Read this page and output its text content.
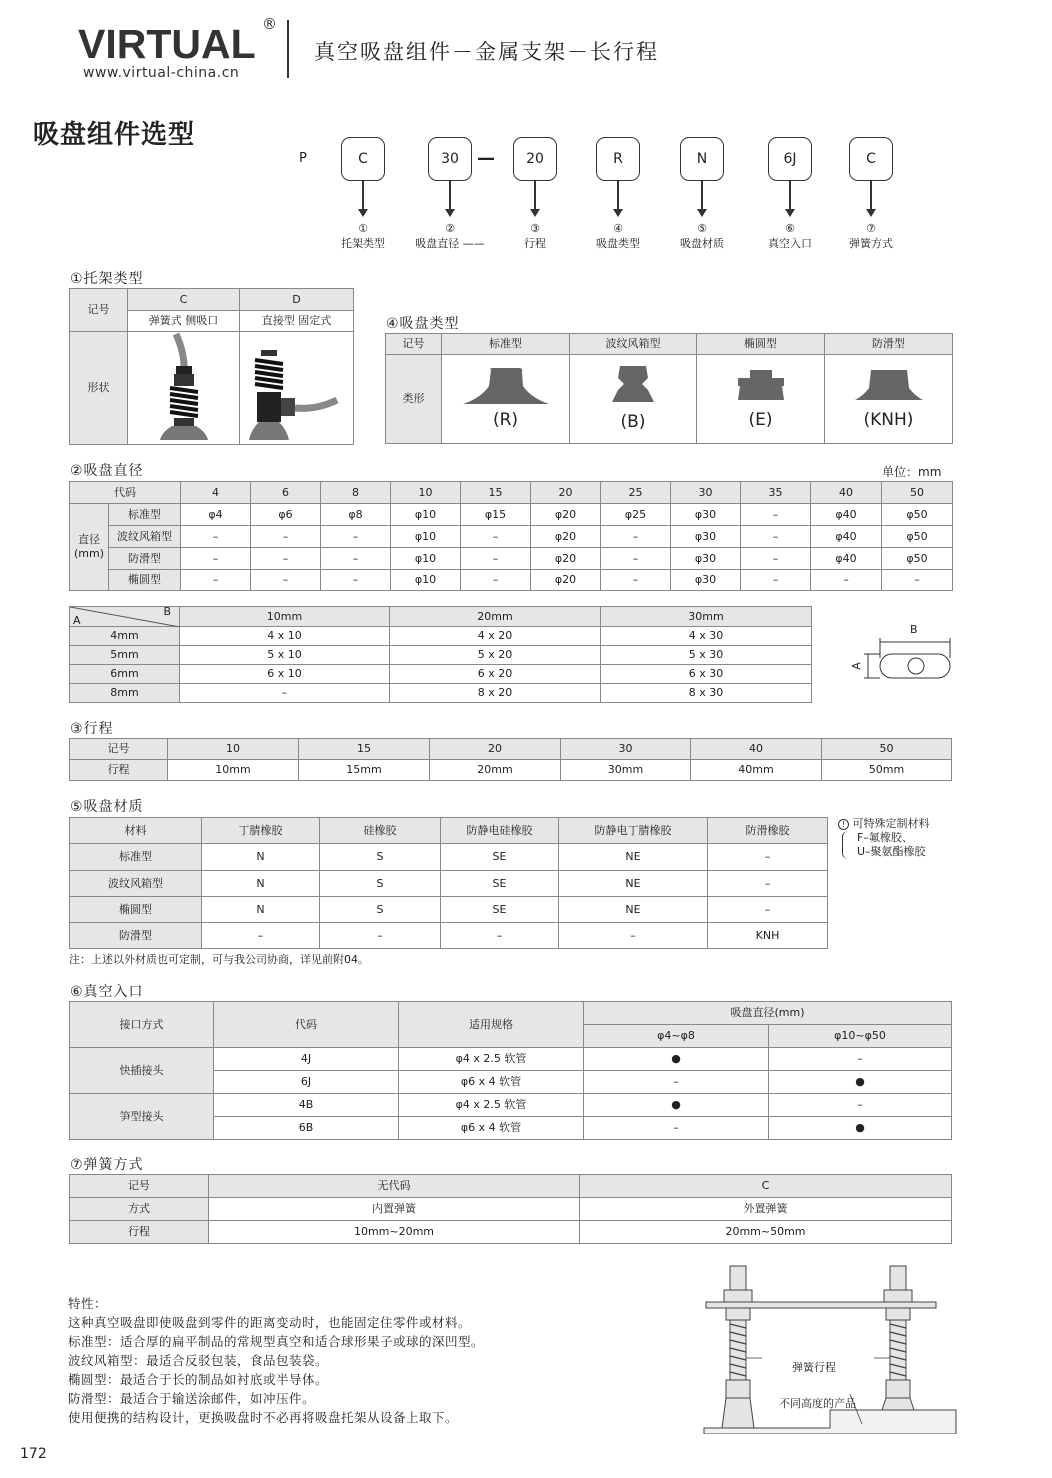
VIRTUAL ®
www.virtual-china.cn
真空吸盘组件－金属支架－长行程
吸盘组件选型
P	—
C
①
托架类型
30
②
吸盘直径 ——
20
③
行程
R
④
吸盘类型
N
⑤
吸盘材质
6J
⑥
真空入口
C
⑦
弹簧方式
①托架类型
④吸盘类型
②吸盘直径	单位：mm
③行程
⑤吸盘材质
⑥真空入口
⑦弹簧方式
记号	C	D
	弹簧式 侧吸口	直接型 固定式
形状	

记号	标准型	波纹风箱型	椭圆型	防滑型
类形	(R)	(B)	(E)	(KNH)
代码		4	6	8	10	15	20	25	30	35	40	50
直径
(mm)	标准型	φ4	φ6	φ8	φ10	φ15	φ20	φ25	φ30	–	φ40	φ50
	波纹风箱型	–	–	–	φ10	–	φ20	–	φ30	–	φ40	φ50
	防滑型	–	–	–	φ10	–	φ20	–	φ30	–	φ40	φ50
	椭圆型	–	–	–	φ10	–	φ20	–	φ30	–	–	–
B
A	10mm	20mm	30mm
4mm	4 x 10	4 x 20	4 x 30
5mm	5 x 10	5 x 20	5 x 30
6mm	6 x 10	6 x 20	6 x 30
8mm	–	8 x 20	8 x 30
记号	10	15	20	30	40	50
行程	10mm	15mm	20mm	30mm	40mm	50mm
材料	丁腈橡胶	硅橡胶	防静电硅橡胶	防静电丁腈橡胶	防滑橡胶
标准型	N	S	SE	NE	–
波纹风箱型	N	S	SE	NE	–
椭圆型	N	S	SE	NE	–
防滑型	–	–	–	–	KNH
接口方式	代码	适用规格	吸盘直径(mm)	
			φ4~φ8	φ10~φ50
快插接头	4J	φ4 x 2.5 软管	●	–
	6J	φ6 x 4 软管	–	●
笋型接头	4B	φ4 x 2.5 软管	●	–
	6B	φ6 x 4 软管	–	●
记号	无代码	C
方式	内置弹簧	外置弹簧
行程	10mm~20mm	20mm~50mm
B
A
! 可特殊定制材料
F–氟橡胶、
U–聚氨酯橡胶
注：上述以外材质也可定制，可与我公司协商，详见前附04。
特性：
这种真空吸盘即使吸盘到零件的距离变动时，也能固定住零件或材料。
标准型：适合厚的扁平制品的常规型真空和适合球形果子或球的深凹型。
波纹风箱型：最适合反驳包装，食品包装袋。
椭圆型：最适合于长的制品如衬底或半导体。
防滑型：最适合于输送涂邮件，如冲压件。
使用便携的结构设计，更换吸盘时不必再将吸盘托架从设备上取下。
弹簧行程
不同高度的产品
172
